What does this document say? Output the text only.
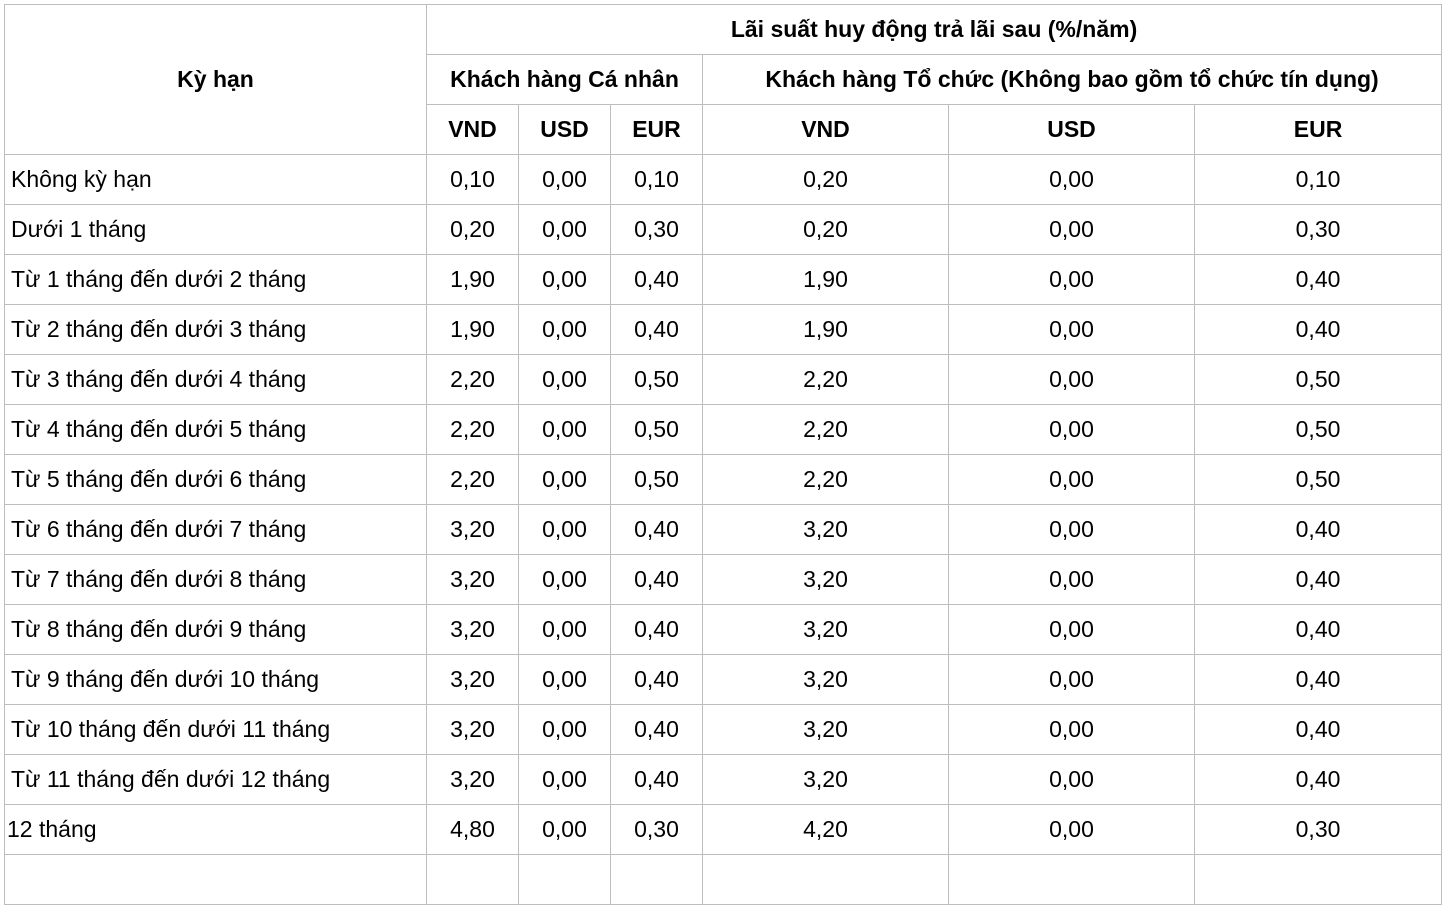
Kỳ hạn	Lãi suất huy động trả lãi sau (%/năm)					
	Khách hàng Cá nhân			Khách hàng Tổ chức (Không bao gồm tổ chức tín dụng)		
	VND	USD	EUR	VND	USD	EUR
Không kỳ hạn	0,10	0,00	0,10	0,20	0,00	0,10
Dưới 1 tháng	0,20	0,00	0,30	0,20	0,00	0,30
Từ 1 tháng đến dưới 2 tháng	1,90	0,00	0,40	1,90	0,00	0,40
Từ 2 tháng đến dưới 3 tháng	1,90	0,00	0,40	1,90	0,00	0,40
Từ 3 tháng đến dưới 4 tháng	2,20	0,00	0,50	2,20	0,00	0,50
Từ 4 tháng đến dưới 5 tháng	2,20	0,00	0,50	2,20	0,00	0,50
Từ 5 tháng đến dưới 6 tháng	2,20	0,00	0,50	2,20	0,00	0,50
Từ 6 tháng đến dưới 7 tháng	3,20	0,00	0,40	3,20	0,00	0,40
Từ 7 tháng đến dưới 8 tháng	3,20	0,00	0,40	3,20	0,00	0,40
Từ 8 tháng đến dưới 9 tháng	3,20	0,00	0,40	3,20	0,00	0,40
Từ 9 tháng đến dưới 10 tháng	3,20	0,00	0,40	3,20	0,00	0,40
Từ 10 tháng đến dưới 11 tháng	3,20	0,00	0,40	3,20	0,00	0,40
Từ 11 tháng đến dưới 12 tháng	3,20	0,00	0,40	3,20	0,00	0,40
12 tháng	4,80	0,00	0,30	4,20	0,00	0,30
